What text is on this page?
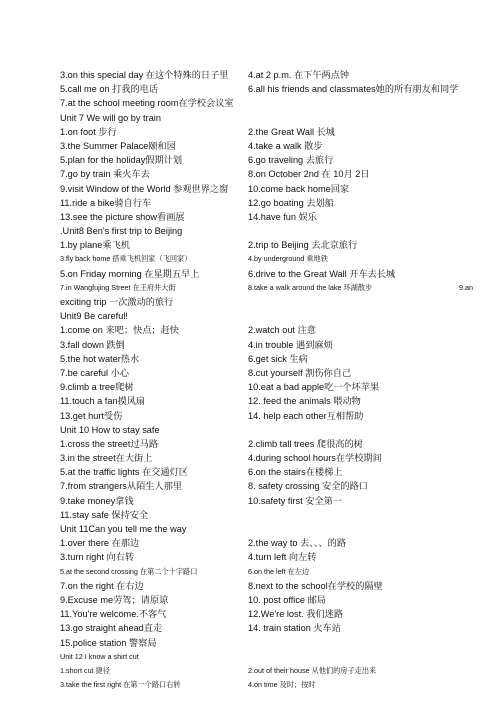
3.on this special day 在这个特殊的日子里 4.at 2 p.m. 在下午两点钟
5.call me on 打我的电话	6.all his friends and classmates她的所有朋友和同学
7.at the school meeting room在学校会议室
Unit 7 We will go by train
1.on foot 步行	2.the Great Wall 长城
3.the Summer Palace颐和园	4.take a walk 散步
5.plan for the holiday假期计划	6.go traveling 去旅行
7.go by train 乘火车去	8.on October 2nd 在 10月 2日
9.visit Window of the World 参观世界之窗 10.come back home回家
11.ride a bike骑自行车	12.go boating 去划船
13.see the picture show看画展	14.have fun 娱乐
.Unit8 Ben's first trip to Beijing
1.by plane乘飞机	2.trip to Beijing 去北京旅行
3.fly back home 搭乘飞机回家（飞回家）	4.by underground 乘地铁
5.on Friday morning 在星期五早上	6.drive to the Great Wall 开车去长城
7.in Wangfujing Street 在王府井大街	8.take a walk around the lake 环湖散步	9.an
exciting trip 一次激动的旅行
Unit9 Be careful!
1.come on 来吧；快点；赶快	2.watch out 注意
3.fall down 跌倒	4.in trouble 遇到麻烦
5.the hot water热水	6.get sick 生病
7.be careful 小心	8.cut yourself 割伤你自己
9.climb a tree爬树	10.eat a bad apple吃一个坏苹果
11.touch a fan摸风扇	12. feed the animals 喂动物
13.get hurt受伤	14. help each other互相帮助
Unit 10 How to stay safe
1.cross the street过马路	2.climb tall trees 爬很高的树
3.in the street在大街上	4.during school hours在学校期间
5.at the traffic lights 在交通灯区	6.on the stairs在楼梯上
7.from strangers从陌生人那里	8. safety crossing 安全的路口
9.take money拿钱	10.safety first 安全第一
11.stay safe 保持安全
Unit 11Can you tell me the way
1.over there 在那边	2.the way to 去、、、的路
3.turn right 向右转	4.turn left 向左转
5.at the second crossing 在第二个十字路口	6.on the left 在左边
7.on the right 在右边	8.next to the school在学校的隔壁
9.Excuse me劳驾；请原谅	10. post office 邮局
11.You're welcome.不客气	12.We're lost. 我们迷路
13.go straight ahead直走	14. train station 火车站
15.police station 警察局
Unit 12 I know a shirt cut
1.short cut 捷径	2.out of their house 从他们的房子走出来
3.take the first right 在第一个路口右转	4.on time 及时；按时
